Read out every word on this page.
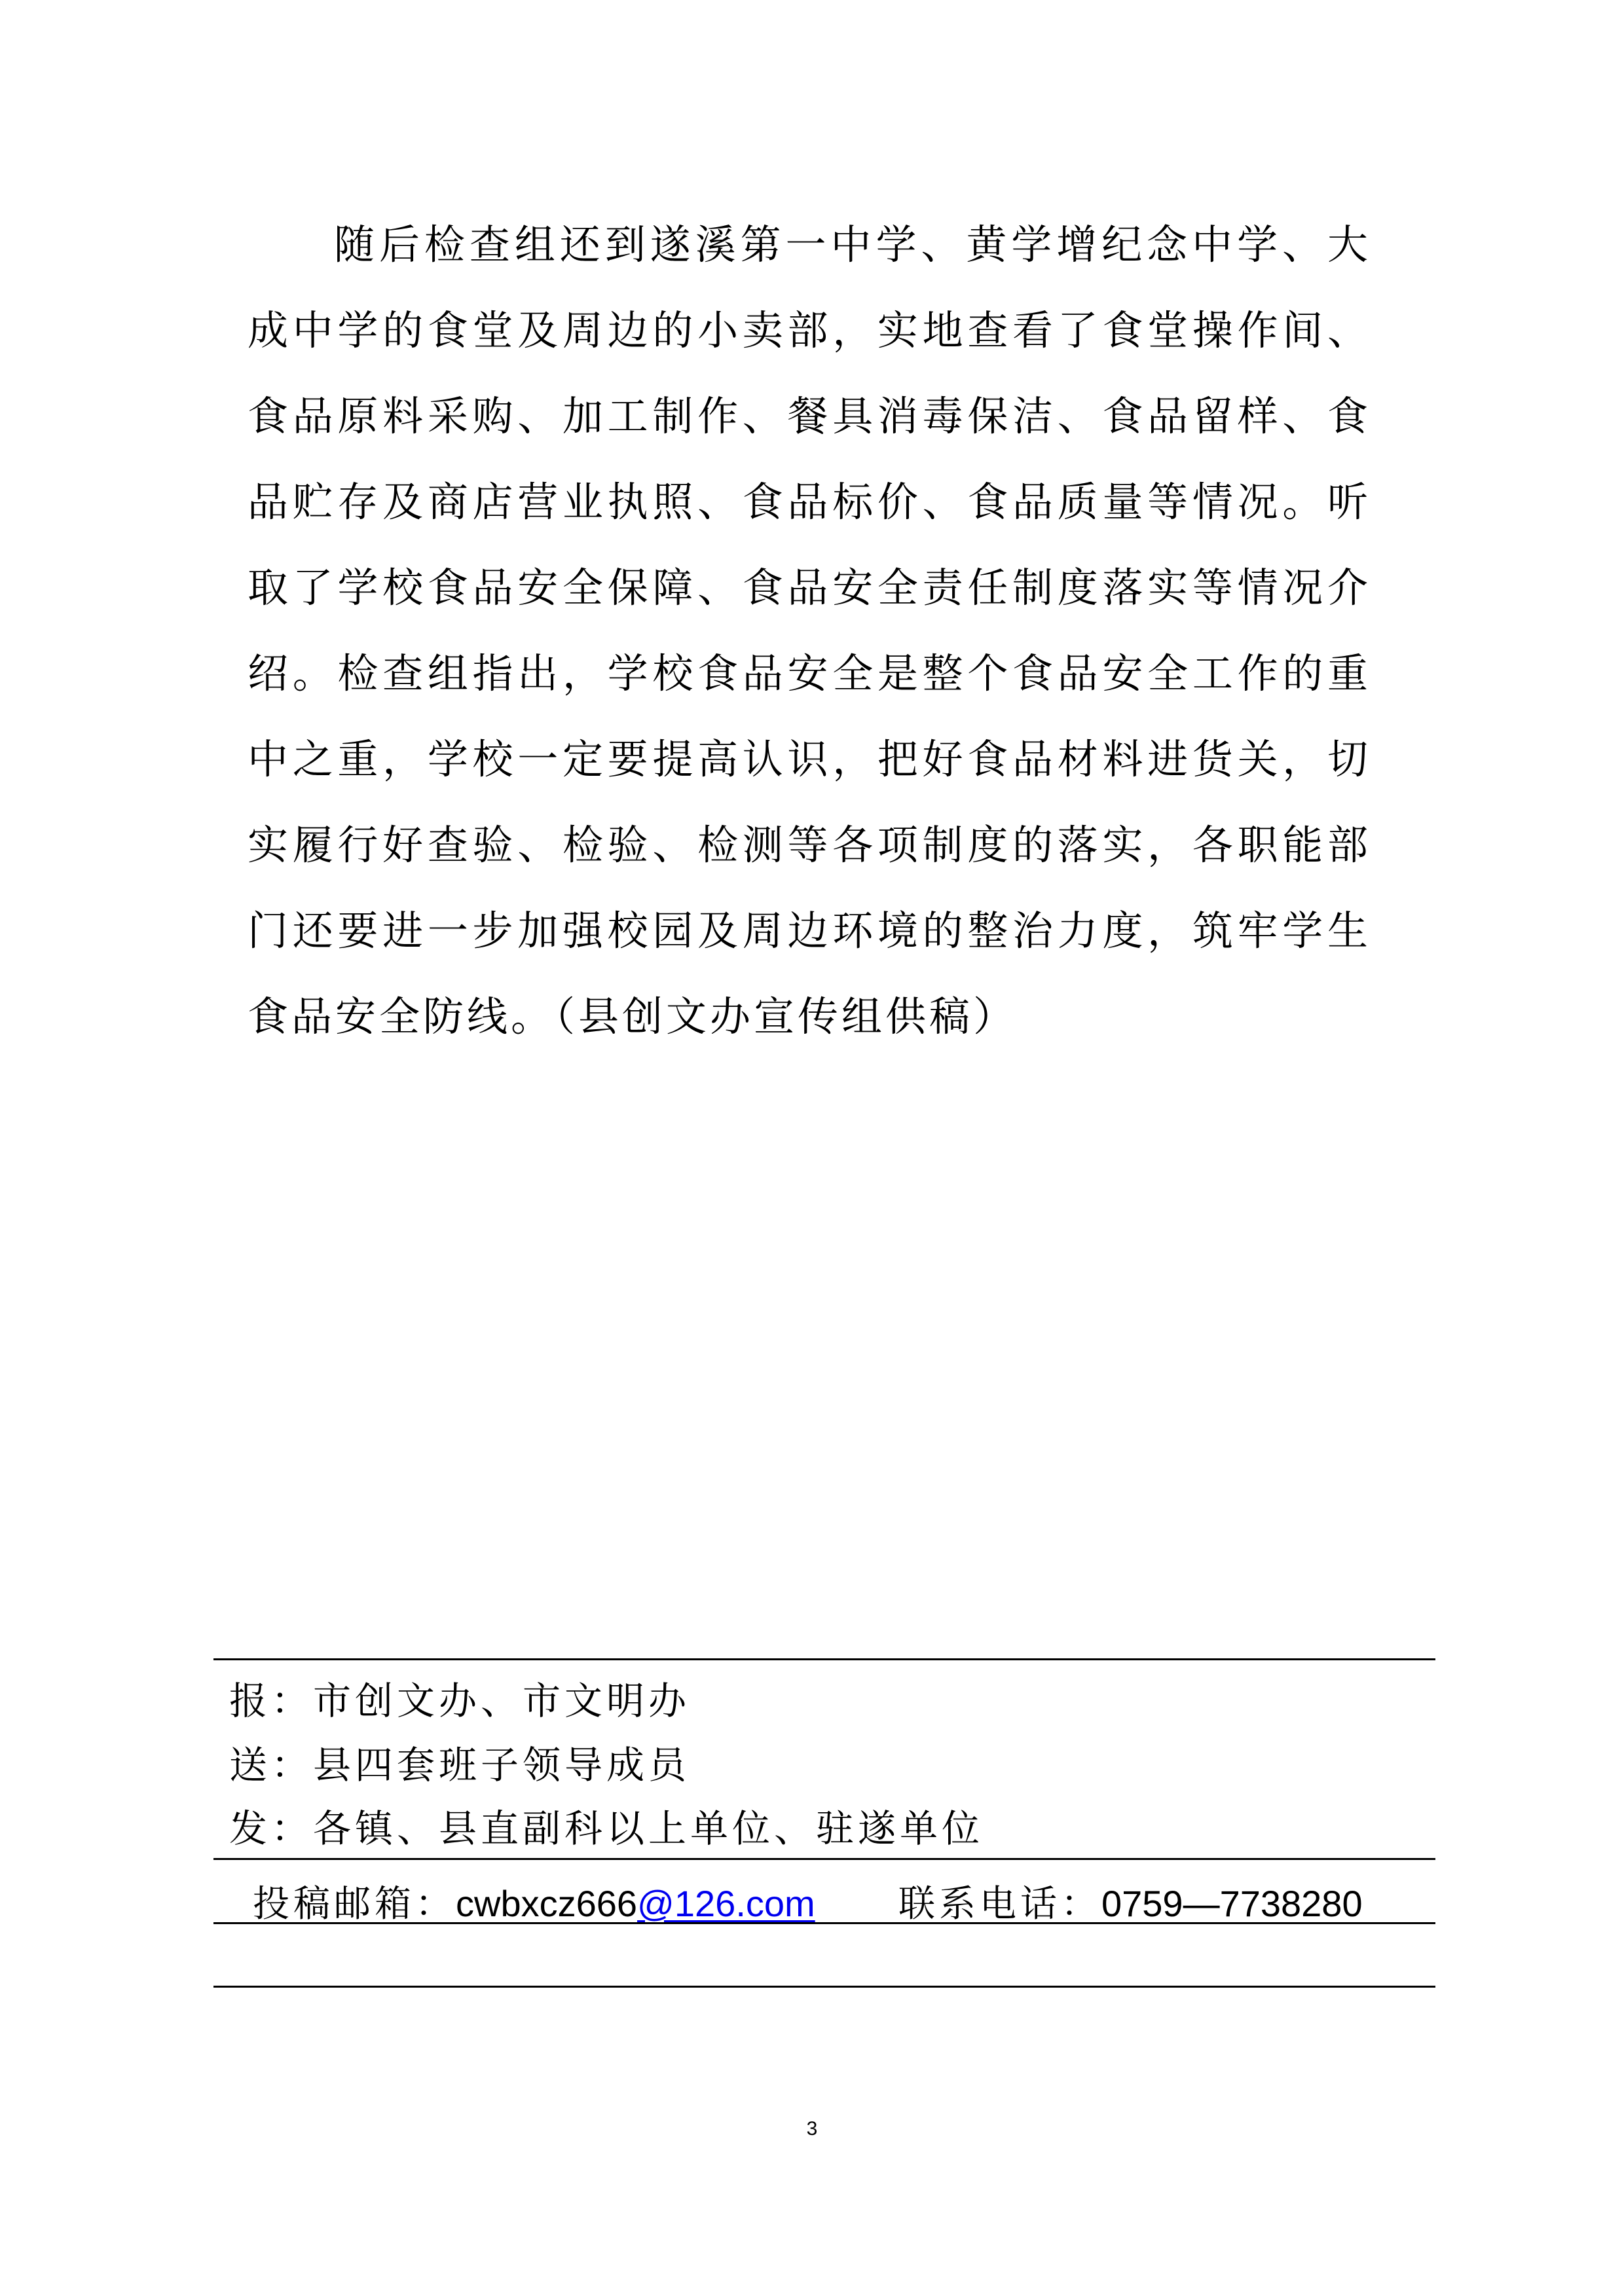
随后检查组还到遂溪第一中学、黄学增纪念中学、大成中学的食堂及周边的小卖部，实地查看了食堂操作间、食品原料采购、加工制作、餐具消毒保洁、食品留样、食品贮存及商店营业执照、食品标价、食品质量等情况。听取了学校食品安全保障、食品安全责任制度落实等情况介绍。检查组指出，学校食品安全是整个食品安全工作的重中之重，学校一定要提高认识，把好食品材料进货关，切实履行好查验、检验、检测等各项制度的落实，各职能部门还要进一步加强校园及周边环境的整治力度，筑牢学生食品安全防线。（县创文办宣传组供稿）

报：市创文办、市文明办
送：县四套班子领导成员
发：各镇、县直副科以上单位、驻遂单位
投稿邮箱：cwbxcz666@126.com 联系电话：0759—7738280
3
